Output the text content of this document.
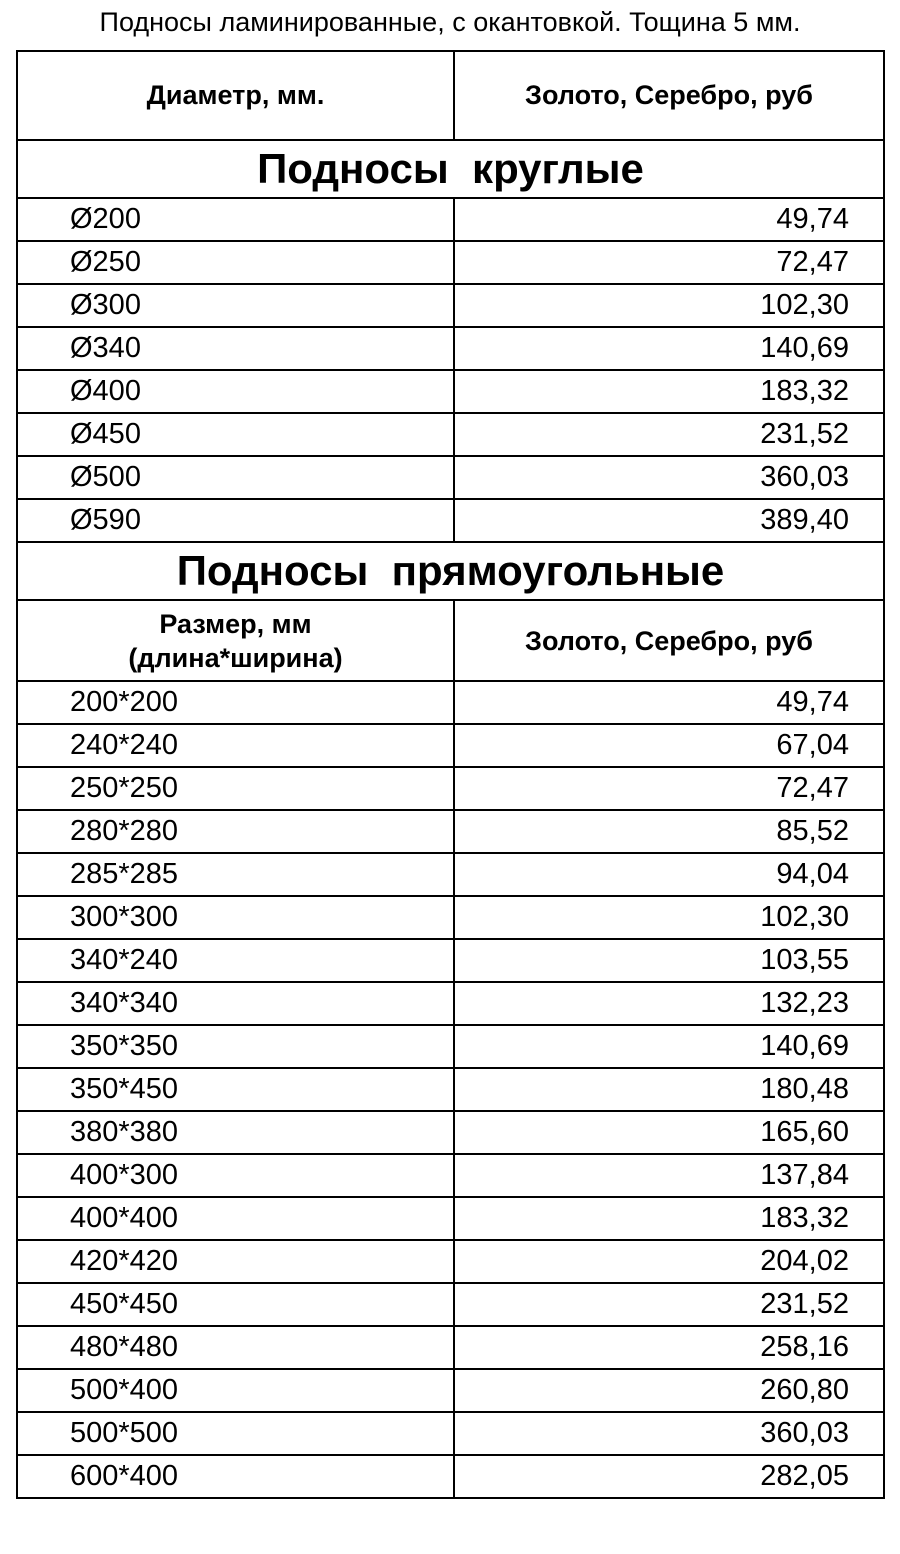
Подносы ламинированные, с окантовкой. Тощина 5 мм.
Диаметр, мм.	Золото, Серебро, руб
Подносы  круглые	
Ø200	49,74
Ø250	72,47
Ø300	102,30
Ø340	140,69
Ø400	183,32
Ø450	231,52
Ø500	360,03
Ø590	389,40
Подносы  прямоугольные	

Размер, мм
(длина*ширина)	Золото, Серебро, руб
200*200	49,74
240*240	67,04
250*250	72,47
280*280	85,52
285*285	94,04
300*300	102,30
340*240	103,55
340*340	132,23
350*350	140,69
350*450	180,48
380*380	165,60
400*300	137,84
400*400	183,32
420*420	204,02
450*450	231,52
480*480	258,16
500*400	260,80
500*500	360,03
600*400	282,05
